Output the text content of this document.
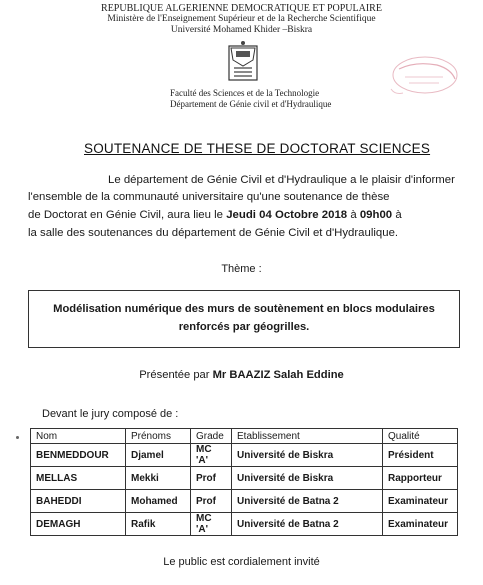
REPUBLIQUE ALGERIENNE DEMOCRATIQUE ET POPULAIRE
Ministère de l'Enseignement Supérieur et de la Recherche Scientifique
Université Mohamed Khider –Biskra
Faculté des Sciences et de la Technologie
Département de Génie civil et d'Hydraulique
SOUTENANCE DE THESE DE DOCTORAT SCIENCES
Le département de Génie Civil et d'Hydraulique a le plaisir d'informer
l'ensemble de la communauté universitaire qu'une soutenance de thèse
de Doctorat en Génie Civil, aura lieu le Jeudi 04 Octobre 2018 à 09h00 à
la salle des soutenances du département de Génie Civil et d'Hydraulique.
Thème :
Modélisation numérique des murs de soutènement en blocs modulaires
renforcés par géogrilles.
Présentée par Mr BAAZIZ Salah Eddine
Devant le jury composé de :
Nom	Prénoms	Grade	Etablissement	Qualité
BENMEDDOUR	Djamel	MC 'A'	Université de Biskra	Président
MELLAS	Mekki	Prof	Université de Biskra	Rapporteur
BAHEDDI	Mohamed	Prof	Université de Batna 2	Examinateur
DEMAGH	Rafik	MC 'A'	Université de Batna 2	Examinateur
Le public est cordialement invité
